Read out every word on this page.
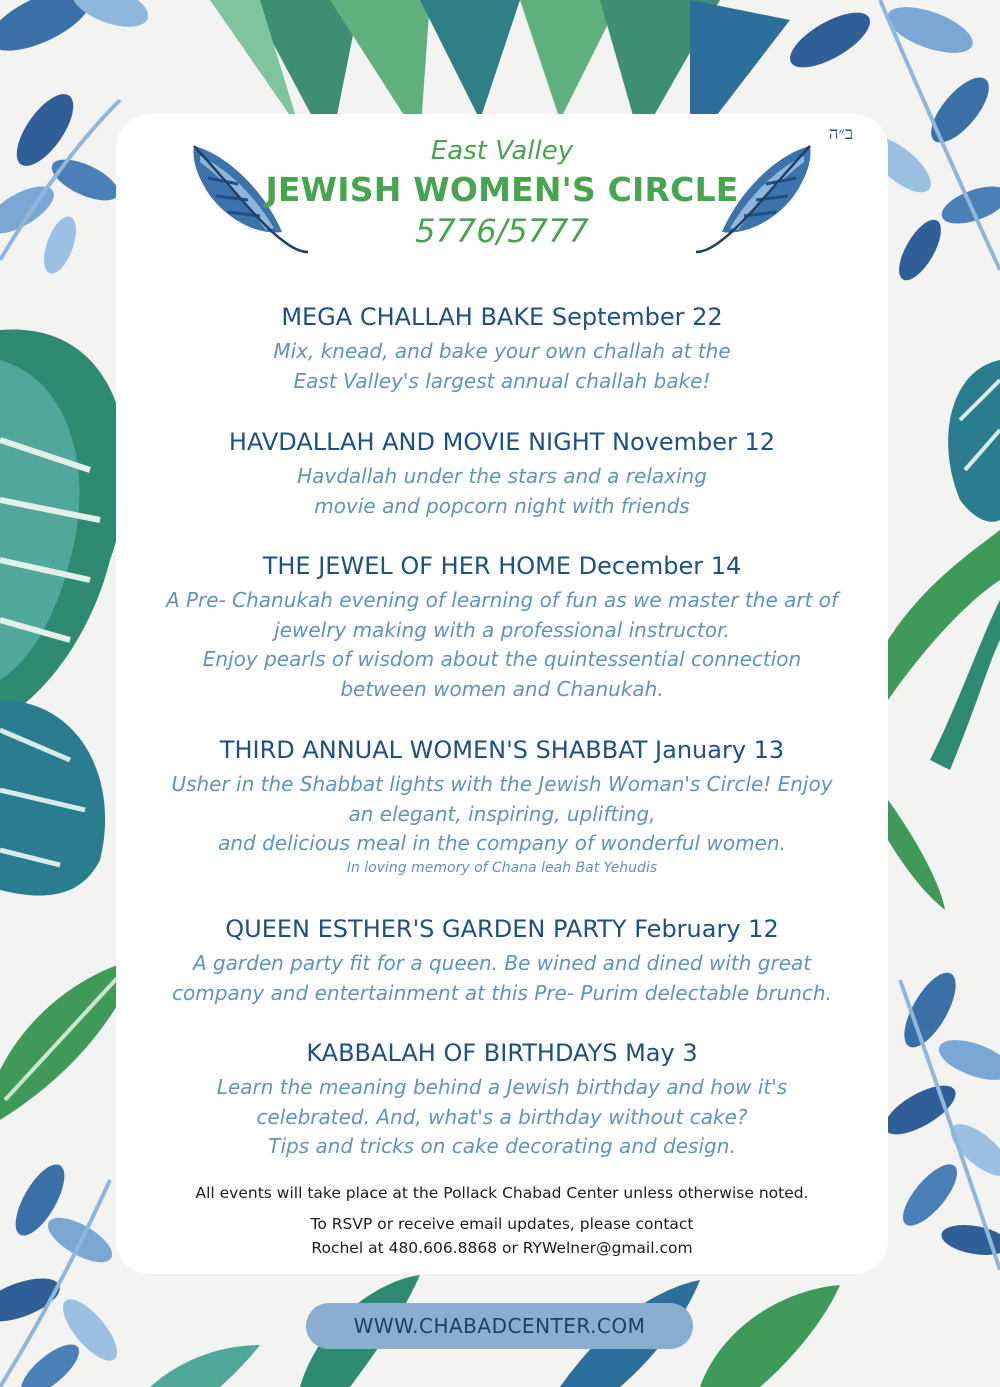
ב״ה
East Valley
JEWISH WOMEN'S CIRCLE
5776/5777
MEGA CHALLAH BAKE September 22
Mix, knead, and bake your own challah at the
East Valley's largest annual challah bake!
HAVDALLAH AND MOVIE NIGHT November 12
Havdallah under the stars and a relaxing
movie and popcorn night with friends
THE JEWEL OF HER HOME December 14
A Pre- Chanukah evening of learning of fun as we master the art of
jewelry making with a professional instructor.
Enjoy pearls of wisdom about the quintessential connection
between women and Chanukah.
THIRD ANNUAL WOMEN'S SHABBAT January 13
Usher in the Shabbat lights with the Jewish Woman's Circle! Enjoy
an elegant, inspiring, uplifting,
and delicious meal in the company of wonderful women.
In loving memory of Chana leah Bat Yehudis
QUEEN ESTHER'S GARDEN PARTY February 12
A garden party fit for a queen. Be wined and dined with great
company and entertainment at this Pre- Purim delectable brunch.
KABBALAH OF BIRTHDAYS May 3
Learn the meaning behind a Jewish birthday and how it's
celebrated. And, what's a birthday without cake?
Tips and tricks on cake decorating and design.
All events will take place at the Pollack Chabad Center unless otherwise noted.
To RSVP or receive email updates, please contact
Rochel at 480.606.8868 or RYWelner@gmail.com
WWW.CHABADCENTER.COM
